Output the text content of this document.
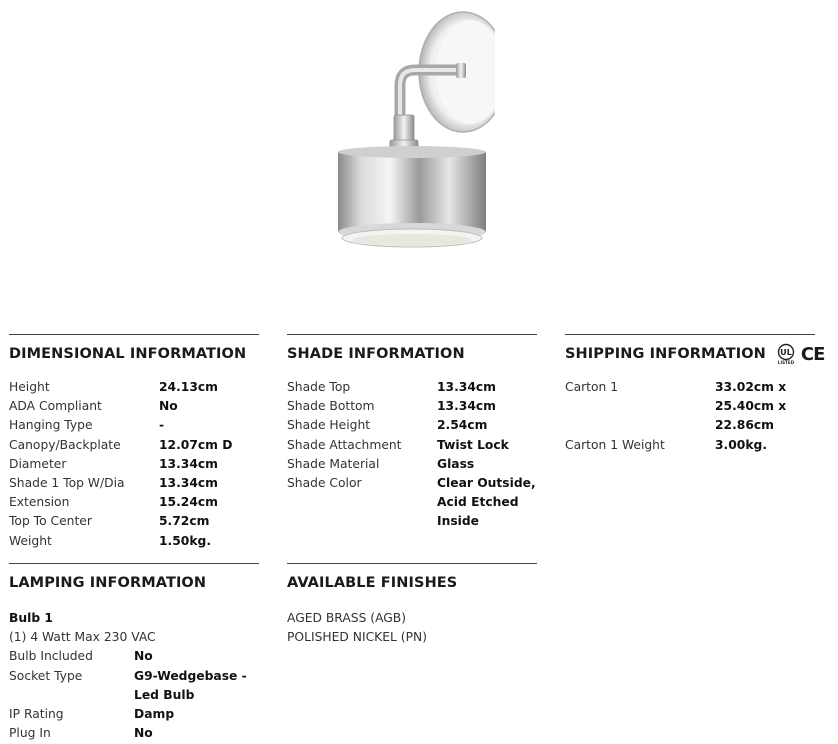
DIMENSIONAL INFORMATION
Height	24.13cm
ADA Compliant	No
Hanging Type	-
Canopy/Backplate	12.07cm D
Diameter	13.34cm
Shade 1 Top W/Dia	13.34cm
Extension	15.24cm
Top To Center	5.72cm
Weight	1.50kg.
SHADE INFORMATION
Shade Top	13.34cm
Shade Bottom	13.34cm
Shade Height	2.54cm
Shade Attachment	Twist Lock
Shade Material	Glass
Shade Color	Clear Outside, Acid Etched Inside
SHIPPING INFORMATION UL
LISTED CE
Carton 1	33.02cm x 25.40cm x 22.86cm
Carton 1 Weight	3.00kg.
LAMPING INFORMATION
Bulb 1
(1) 4 Watt Max 230 VAC
Bulb Included	No
Socket Type	G9-Wedgebase - Led Bulb
IP Rating	Damp
Plug In	No
AVAILABLE FINISHES
AGED BRASS (AGB)
POLISHED NICKEL (PN)
